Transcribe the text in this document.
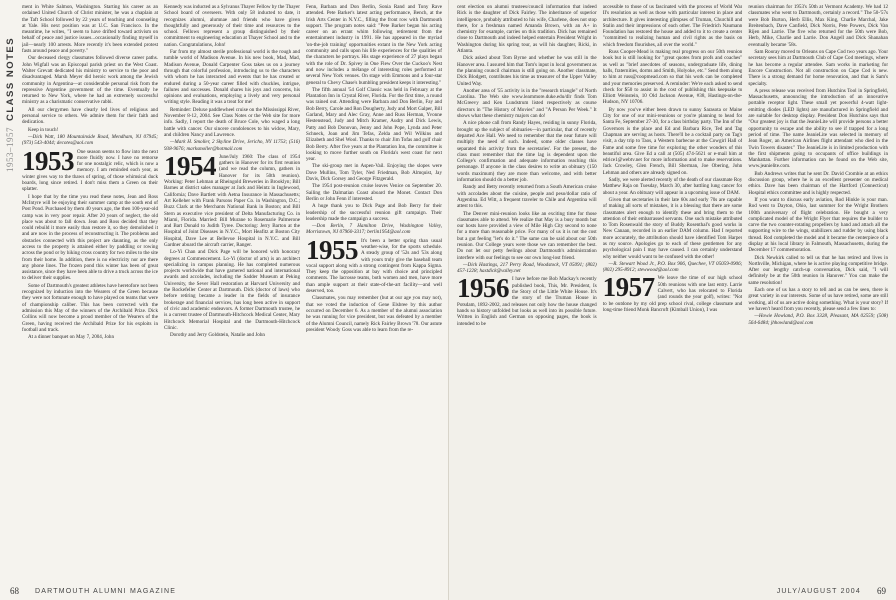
1953–1957
CLASS NOTES

ment in White Salmon, Washington. Starting his career as an ordained United Church of Christ minister, he was a chaplain at the Taft School followed by 22 years of teaching and counseling at Yale. His next position was at U.C. San Francisco. In the meantime, he writes, "I seem to have drifted toward activism on behalf of peace and justice issues...occasionally finding myself in jail—nearly 100 arrests. More recently it's been extended protest fasts around peace and poverty."

Our deceased clergy classmates followed diverse career paths. John Wigfall was an Episcopal parish priest on the West Coast. Walter Grevatt dedicated his ministry to service to the poor and disadvantaged. Marsh Meyer did heroic work among the Jewish community in Argentina—at considerable personal risk from the repressive Argentine government of the time. Eventually he returned to New York, where he had an extremely successful ministry as a charismatic conservative rabbi.

All our clergymen have clearly led lives of religious and personal service to others. We admire them for their faith and dedication.

Keep in touch!

—Dick Watt, 180 Mountainside Road, Mendham, NJ 07945; (973) 543-4044; decotes@aol.com

1953 One season seems to flow into the next more fluidly now. I have no remorse for one nostalgic relic, which is now a memory. I am reminded each year, as winter gives way to the thaws of spring, of those whimsical duck boards, long since retired. I don't miss them a Green on their splatter.

I hope that by the time you read these notes, Jean and Ross McIntyre will be enjoying their summer camp at the south end of Post Pond. Purchased by them 40 years ago, the then 100-year-old camp was in very poor repair. After 20 years of neglect, the old place was about to fall down. Jean and Ross decided that they could rebuild it more easily than restore it, so they demolished it and are now in the process of reconstructing it. The problems and obstacles connected with this project are daunting, as the only access to the property is attained either by paddling or rowing across the pond or by hiking cross country for two miles to the site from their home. In addition, there is no electricity nor are there any phone lines. The frozen pond this winter has been of great assistance, since they have been able to drive a truck across the ice to deliver their supplies.

Some of Dartmouth's greatest athletes have heretofore not been recognized by induction into the Wearers of the Green because they were not fortunate enough to have played on teams that were of championship caliber. This has been corrected with the admission this May of the winners of the Archibald Prize. Dick Collins will now become a proud member of the Wearers of the Green, having received the Archibald Prize for his exploits in football and track.

At a dinner banquet on May 7, 2004, John

Kennedy was inducted as a Sylvanus Thayer Fellow by the Thayer School board of overseers. With only 58 inducted to date, it recognizes alumni, alumnae and friends who have given thoughtfully and generously of their time and resources to the school. Fellows represent a group distinguished by their commitment to engineering education at Thayer School and to the nation. Congratulations, John!

Far from my almost sterile professional world is the rough and tumble world of Madison Avenue. In his new book, Mad, Mad, Madison Avenue, Donald Carpenter Goss takes us on a journey through that colorful profession, introducing us to the characters with whom he has interacted and events that he has created or endured during a 50-year career filled with chuckles, intrigue, failures and successes. Donald shares his joys and concerns, his opinions and evaluations, employing a lively and very personal writing style. Reading it was a treat for me!

Reminder: Deluxe paddlewheel cruise on the Mississippi River, November 8-12, 2004. See Class Notes or the Web site for more info. Sadly, I report the death of Bruce Cole, who waged a long battle with cancer. Our sincere condolences to his widow, Mary, and children Nancy and Lawrence.

—Mark H. Smoller, 2 Skyline Drive, Jericho, NY 11753; (516) 938-9676; marksmoller@hotmail.com

1954 June/July 1960: The class of 1954 gathers in Hanover for its first reunion (and we read the column, gathers in Hanover for its 50th reunion). Working: Peter Lehman at Rheingold Breweries in Brooklyn; Bill Barnes at district sales manager at Jack and Heintz in Inglewood, California; Dave Bartlett with Aetna Insurance in Massachusetts; Art Kelleher with Frank Parsons Paper Co. in Washington, D.C.; Buzz Clark at the Merchants National Bank in Boston; and Bill Stern as executive vice president of Delta Manufacturing Co. in Miami, Florida. Married: Bill Murane to Rosemarie Palmerone and Bart Donald to Judith Tyree. Doctoring: Jerry Barton at the Hospital of Joint Diseases in N.Y.C., Mort Heafitz at Boston City Hospital, Dave Lee at Bellevue Hospital in N.Y.C. and Bill Gardner aboard the aircraft carrier, Ranger.

Lo-Yi Chan and Dick Page will be honored with honorary degrees at Commencement. Lo-Yi (doctor of arts) is an architect specializing in campus planning. He has completed numerous projects worldwide that have garnered national and international awards and accolades, including the Sadder Museum at Peking University, the Sever Hall restoration at Harvard University and the Rockefeller Center at Dartmouth. Dick (doctor of laws) who before retiring became a leader in the fields of insurance brokerage and financial services, has long been active in support of civic and academic endeavors. A former Dartmouth trustee, he is a current trustee of Dartmouth-Hitchcock Medical Center, Mary Hitchcock Memorial Hospital and the Dartmouth-Hitchcock Clinic.

Dorothy and Jerry Goldstein, Natalie and John

Fenn, Barbara and Don Berlin, Sonia Rand and Tony Rave attended. Pete Barker's latest acting performance, Bench, at the Irish Arts Center in N.Y.C., filling the front row with Dartmouth support. The program notes said: "Pete Barker began his acting career on an errant whim following retirement from the entertainment industry in 1991. He has appeared in the myriad 'on-the-job training' opportunities extant in the New York acting community and calls upon his life experiences for the qualities of the characters he portrays. His stage experience of 27 plays began with the role of Dr. Spivey in One Flew Over the Cuckoo's Nest and now includes a mélange of interesting roles performed at several New York venues. On stage with Emmons and a four-star general to Chevy Chase's bumbling president keeps it interesting."

The fifth annual '54 Golf Classic was held in February at the Plantation Inn in Crystal River, Florida. For the first time, a round was rained out. Attending were Barbara and Don Berlin, Fay and Bob Berry, Carole and Ron Dougherty, Judy and Mort Galper, Bill Garland, Mary and Alec Gray, Anne and Russ Herman, Yvonne Hestenstead, Judy and Mitch Kramer, Audry and Dick Lewis, Patty and Bob Donovan, Jenny and John Pope, Lynda and Peter Schneck, Joan and Jim Tefas, Zelda and Wil Wilkins and Elizabeth and Shel Wool. Thanks to chair Jim Tofas and golf chair Bob Berry. After five years at the Plantation Inn, the committee is looking to move further south on Florida's west coast for next year.

The ski-group met in Aspen-Vail. Enjoying the slopes were Dave Mullins, Tom Tyler, Ned Friedman, Bob Almquist, Jay Davis, Dick Gorsey and George Fitzgerald.

The 1954 post-reunion cruise leaves Venice on September 20. Sailing the Dalmatian Coast aboard the Monet. Contact Don Berlin or John Fenn if interested.

A huge thank you to Dick Page and Bob Berry for their leadership of the successful reunion gift campaign. Their leadership made the campaign a success.

—Don Berlin, 7 Hamilton Drive, Washington Valley, Morristown, NJ 07960-3317; berlin1954@aol.com

1955 It's been a better spring than usual weather-wise, for the sports schedule. A steady group of '52s and '53s along with yours truly give the baseball team vocal support along with a strong contingent from Kappa Sigma. They keep the opposition at bay with choice and principled comments. The lacrosse teams, both women and men, have more than ample support at their state-of-the-art facility—and well deserved, too.

Classmates, you may remember (but at our age you may not), that we voted the induction of Gene Elsbree by this author occurred on December 6. As a member of the alumni association he was running for vice president, but was defeated by a member of the Alumni Council, namely Rick Fairley Brown '78. Our astute president Woody Goss was able to learn from the re-

68 DARTMOUTH ALUMNI MAGAZINE

cent election on alumni trustees/council information that indeed Rick is the daughter of Dick Fairley. The inheritance of superior intelligence, probably attributed to his wife, Charlene, does not stop there, for a freshman named Amanda Brown, with an A+ in chemistry for example, carries on this tradition. Dick has remained close to Dartmouth and indeed helped entertain President Wright in Washington during his spring tour, as will his daughter, Ricki, in Atlanta.

Dick asked about Tom Byrne and whether he was still in the Hanover area. I assured him that Tom's input in local government as the planning council chairman is still going on. Another classmate, Dick Blodgett, contributes his time as treasurer of the Upper Valley United Way.

Another area of '55 activity is in the "research triangle" of North Carolina. The Web site www.learnmore.duke.edu/dlr finds Tom McGreevy and Ken Lundstrum listed respectively as course directors in "The History of Movies" and "A Person Per Week." It shows what these chemistry majors can do!

A nice phone call from Randy Hayes, residing in sunny Florida, brought up the subject of obituaries—in particular, that of recently departed Ace Hall. We need to remember that the near future will multiply the need of such. Indeed, some older classes have separated this activity from the secretaries'. For the present, the class must remember that the time lag is dependent upon the College's confirmation and adequate information reaching this personage. If anyone in the class desires to write an obituary (150 words maximum) they are more than welcome, and with better information should do a better job.

Randy and Betty recently returned from a South American cruise with accolades about the cuisine, people and peso/dollar ratio of Argentina. Ed Witt, a frequent traveler to Chile and Argentina will attest to this.

The Denver mini-reunion looks like an exciting time for those classmates able to attend. We realize that May is a busy month but our hosts have provided a view of Mile High City second to none for a more than reasonable price. For many of us it is not the cost but a gut feeling "let's do it." The same can be said about our 50th reunion. Our College years were those we can remember the best. Do not let our petty feelings about Dartmouth's administration interfere with our feelings to see our own long-lost friend.

—Dick Hastings, 217 Perry Road, Woodstock, VT 05091; (802) 457-1228; hastdick@valley.net

1956 I have before me Bob Mackay's recently published book, This, Mr. President, Is the Story of the Little White House. It's the story of the Truman House in Potsdam, 1892-2002, and releases not only how the house changed hands so history unfolded but looks as well into its possible future. Written in English and German on opposing pages, the book is intended to be

accessible to those of us fascinated with the process of World War II's resolution as well as those with particular interest in place and architecture. It gives interesting glimpses of Truman, Churchill and Stalin and their impressions of each other. The Friedrich Naumann Foundation has restored the house and added to it to create a center "committed to realizing human and civil rights as the basis on which freedom flourishes, all over the world."

Russ Cooper-Mead is making real progress on our 50th reunion book but is still looking for "great quotes from profs and coaches" as well as "brief anecdotes of seasons, undergraduate life, dining halls, fraternities, dorms and Smith, Holyoke, etc." Send them along to him at russ@coopmead.com so that his work can be completed and your memories preserved. A reminder: We're each asked to send check for $50 to assist in the cost of publishing this keepsake to Elliott Weinstein, 10 Old Jackson Avenue, #38, Hastings-on-the-Hudson, NY 10706.

By now you've either been drawn to sunny Sarasota or Maine City for one of our mini-reunions or you're planning to head for Santa Fe, September 27-30, for a class birthday party. The Inn of the Governors is the place and Ed and Barbara Rice, Ted and Tag Chapman are serving as hosts. There'll be a cocktail party on Tag's visit, a day trip to Taos, a Western barbecue at the Cowgirl Hall of Fame and some free time for exploring the other wonders of this beautiful area. Give Ed a call at (505) 474-5621 or e-mail him at edrice1@webtv.net for more information and to make reservations. Jack Crowley, Glen French, Bill Sherman, Joe Obering, John Lehman and others are already signed on.

Sadly, we were alerted recently of the death of our classmate Roy Matthew Raja on Tuesday, March 30, after battling lung cancer for about a year. An obituary will appear in a upcoming issue of DAM.

Given that secretaries in their late 60s and early 70s are capable of making all sorts of mistakes, it is a blessing that there are some classmates alert enough to identify these and bring them to the attention of their embarrassed servants. One such mistake attributed to Tom Rosenwald the story of Buddy Rosenthal's good works in New Canaan, recorded in an earlier DAM column. Had I reported more accurately, the attribution should have identified Tom Harper as my source. Apologies go to each of these gentlemen for any psychological pain I may have caused. I can certainly understand why neither would want to be confused with the other!

—R. Stewart Wood Jr., P.O. Box 906, Quechee, VT 05059-0906; (802) 295-8912; stewwood@aol.com

1957 We leave the time of our high school 50th reunions with one last entry. Larrie Calvert, who has relocated to Florida (and rounds the year golf), writes: "Not to be outdone by my old prep school rival, college classmate and long-time friend Monk Bancroft (Kimball Union), I was

reunion chairman for 1953's 50th at Vermont Academy. We had 12 classmates who went to Dartmouth, certainly a record." The 50-'57s were Bob Burton, Herb Ellis, Max King, Charlie Marchal, Jake Breitenbach, Dave Canfield, Dick Norris, Pete Powers, Dick Van Rijen and Larrie. The five who returned for the 50th were Bob, Herb, Mike, Charlie and Larrie. Don Angell and Dick Shanahan eventually became '58s.

Sam Rooray moved to Orleans on Cape Cod two years ago. Your secretary sees him at Dartmouth Club of Cape Cod meetings, where he has become a regular attendee. Sam works in marketing for Encore Construction. Not all construction on Cape Cod is new. There is a strong demand for home renovation, and that is Sam's specialty.

A press release was received from Hutchins Tool in Springfield, Massachusetts, announcing the introduction of an innovative portable receptor light. These small yet powerful 4-watt light-emitting diodes (LED lights) are manufactured in Springfield and are suitable for desktop display. President Don Hutchins says that "Our greatest joy is that the JeanieLite will provide persons a better opportunity to escape and the ability to see if trapped for a long period of time. The name JeanieLite was selected in memory of Jean Roger, an American Airlines flight attendant who died in the Twin Towers disaster." The JeanieLite is in limited production with the first shipments going to occupants of office buildings in Manhattan. Further information can be found on the Web site, www.jeanielite.com.

Bob Andrews writes that he sent Dr. David Crombie at an ethics discussion group, where he is an excellent presenter on medical ethics. Dave has been chairman of the Hartford (Connecticut) Hospital ethics committee and is highly respected.

If you want to discuss early aviation, Rod Hinkle is your man. Rod went to Dayton, Ohio, last summer for the Wright Brothers 100th anniversary of flight celebration. He bought a very complicated model of the Wright Flyer that requires the builder to carve the two counter-rotating propellers by hand and attach all the supporting wire to the wings, stabilizers and rudder by using black thread. Rod completed the model and it became the centerpiece of a display at his local library in Falmouth, Massachusetts, during the December 17 commemoration.

Dick Newkirk called to tell us that he has retired and lives in Northville, Michigan, where he is active playing competitive bridge. After our lengthy catch-up conversation, Dick said, "I will definitely be at the 50th reunion in Hanover." You can make the same resolution!

Each one of us has a story to tell and as can be seen, there is great variety in our interests. Some of us have retired, some are still working, all of us are active doing something. What is your story? If we haven't heard from you recently, please send a few lines to:

—Howie Howland, P.O. Box 3328, Pleasant, MA 02559; (508) 564-6484; jhhowland@aol.com

JULY/AUGUST 2004 69
